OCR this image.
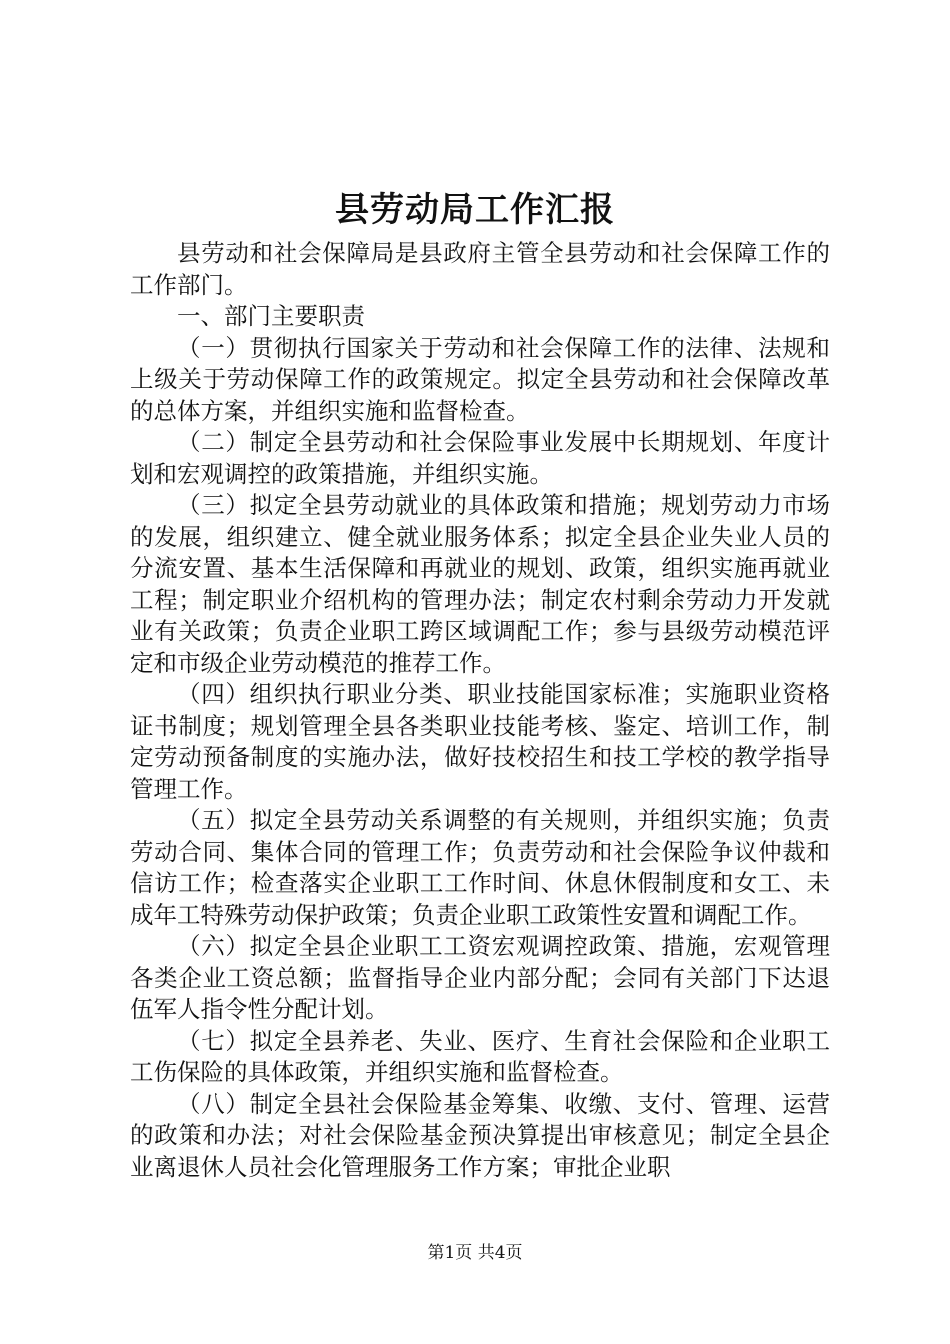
县劳动局工作汇报

县劳动和社会保障局是县政府主管全县劳动和社会保障工作的工作部门。

一、部门主要职责

（一）贯彻执行国家关于劳动和社会保障工作的法律、法规和上级关于劳动保障工作的政策规定。拟定全县劳动和社会保障改革的总体方案，并组织实施和监督检查。

（二）制定全县劳动和社会保险事业发展中长期规划、年度计划和宏观调控的政策措施，并组织实施。

（三）拟定全县劳动就业的具体政策和措施；规划劳动力市场的发展，组织建立、健全就业服务体系；拟定全县企业失业人员的分流安置、基本生活保障和再就业的规划、政策，组织实施再就业工程；制定职业介绍机构的管理办法；制定农村剩余劳动力开发就业有关政策；负责企业职工跨区域调配工作；参与县级劳动模范评定和市级企业劳动模范的推荐工作。

（四）组织执行职业分类、职业技能国家标准；实施职业资格证书制度；规划管理全县各类职业技能考核、鉴定、培训工作，制定劳动预备制度的实施办法，做好技校招生和技工学校的教学指导管理工作。

（五）拟定全县劳动关系调整的有关规则，并组织实施；负责劳动合同、集体合同的管理工作；负责劳动和社会保险争议仲裁和信访工作；检查落实企业职工工作时间、休息休假制度和女工、未成年工特殊劳动保护政策；负责企业职工政策性安置和调配工作。

（六）拟定全县企业职工工资宏观调控政策、措施，宏观管理各类企业工资总额；监督指导企业内部分配；会同有关部门下达退伍军人指令性分配计划。

（七）拟定全县养老、失业、医疗、生育社会保险和企业职工工伤保险的具体政策，并组织实施和监督检查。

（八）制定全县社会保险基金筹集、收缴、支付、管理、运营的政策和办法；对社会保险基金预决算提出审核意见；制定全县企业离退休人员社会化管理服务工作方案；审批企业职

第1页 共4页
